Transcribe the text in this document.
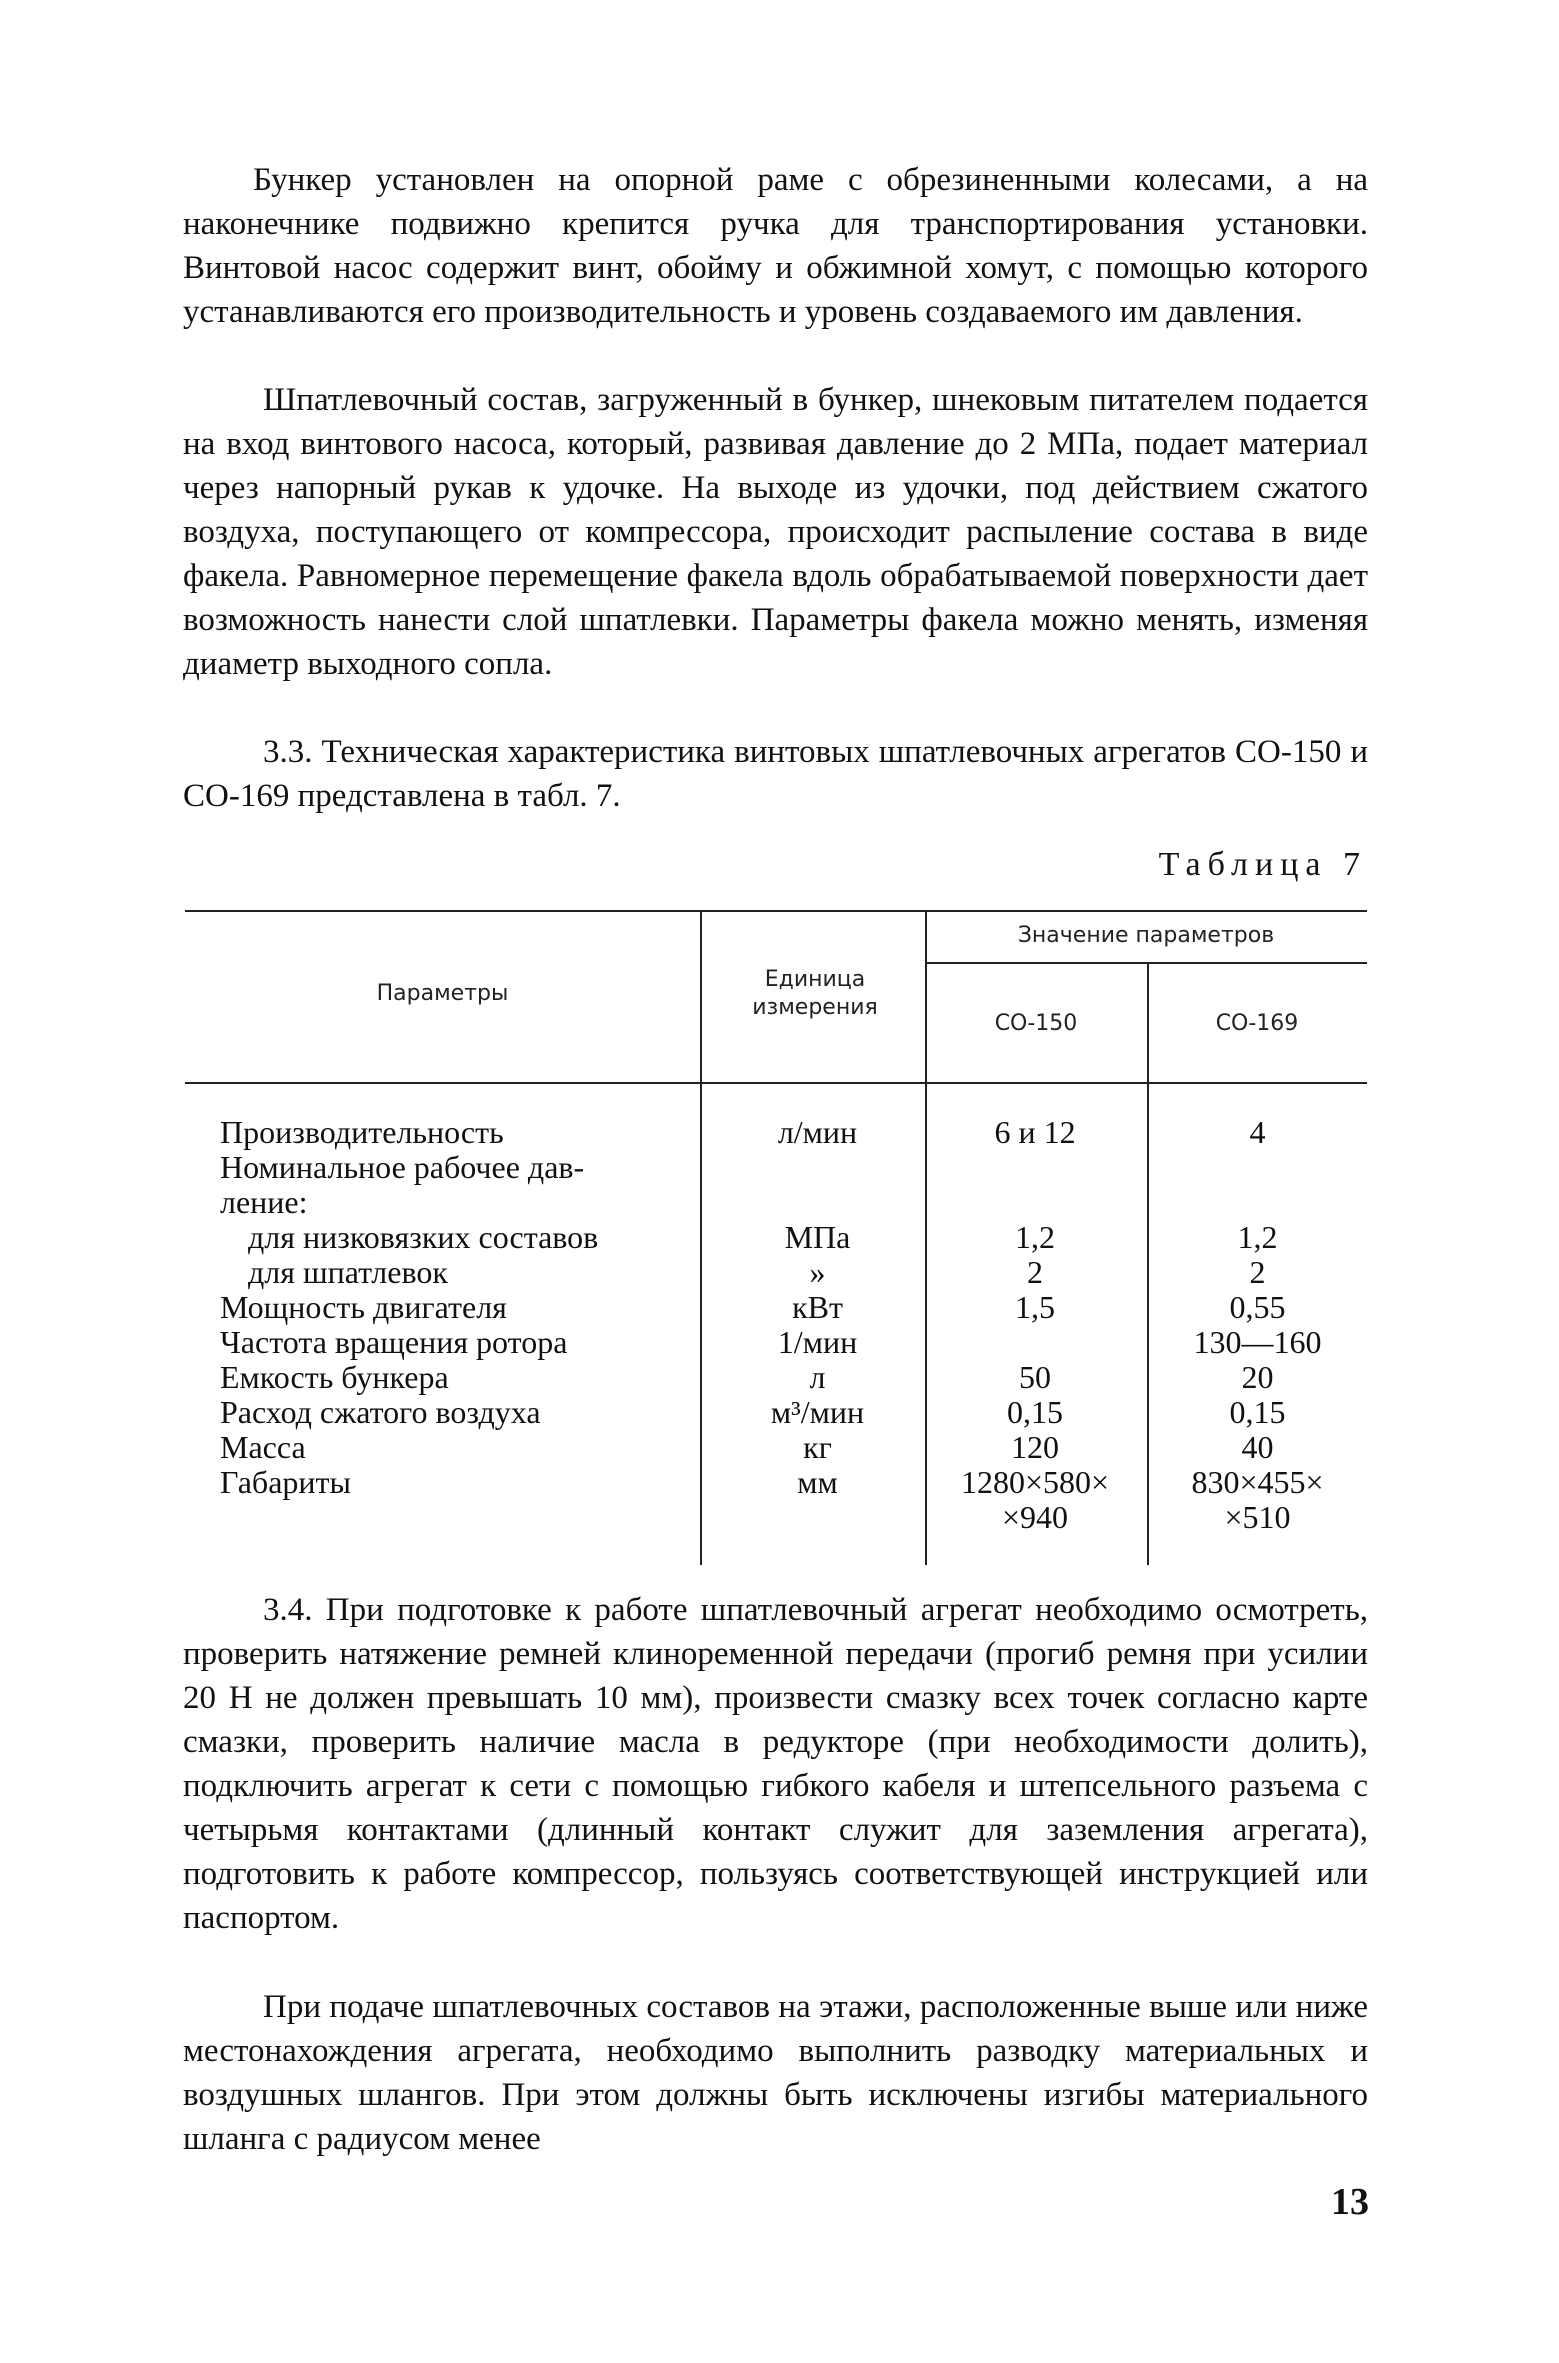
Бункер установлен на опорной раме с обрезиненными колесами, а на наконечнике подвижно крепится ручка для транспортирования установки. Винтовой насос содержит винт, обойму и обжимной хомут, с помощью которого устанавливаются его производительность и уровень создаваемого им давления.

Шпатлевочный состав, загруженный в бункер, шнековым питателем подается на вход винтового насоса, который, развивая давление до 2 МПа, подает материал через напорный рукав к удочке. На выходе из удочки, под действием сжатого воздуха, поступающего от компрессора, происходит распыление состава в виде факела. Равномерное перемещение факела вдоль обрабатываемой поверхности дает возможность нанести слой шпатлевки. Параметры факела можно менять, изменяя диаметр выходного сопла.

3.3. Техническая характеристика винтовых шпатлевочных агрегатов СО-150 и СО-169 представлена в табл. 7.

Таблица 7
Параметры
Единица измерения
Значение параметров
СО-150	СО-169
Производительность
Номинальное рабочее дав-
ление:
для низковязких составов
для шпатлевок
Мощность двигателя
Частота вращения ротора
Емкость бункера
Расход сжатого воздуха
Масса
Габариты
л/мин
МПа
»
кВт
1/мин
л
м³/мин
кг
мм
6 и 12
1,2
2
1,5
50
0,15
120
1280×580×
×940
4
1,2
2
0,55
130—160
20
0,15
40
830×455×
×510

3.4. При подготовке к работе шпатлевочный агрегат необходимо осмотреть, проверить натяжение ремней клиноременной передачи (прогиб ремня при усилии 20 Н не должен превышать 10 мм), произвести смазку всех точек согласно карте смазки, проверить наличие масла в редукторе (при необходимости долить), подключить агрегат к сети с помощью гибкого кабеля и штепсельного разъема с четырьмя контактами (длинный контакт служит для заземления агрегата), подготовить к работе компрессор, пользуясь соответствующей инструкцией или паспортом.

При подаче шпатлевочных составов на этажи, расположенные выше или ниже местонахождения агрегата, необходимо выполнить разводку материальных и воздушных шлангов. При этом должны быть исключены изгибы материального шланга с радиусом менее

13
